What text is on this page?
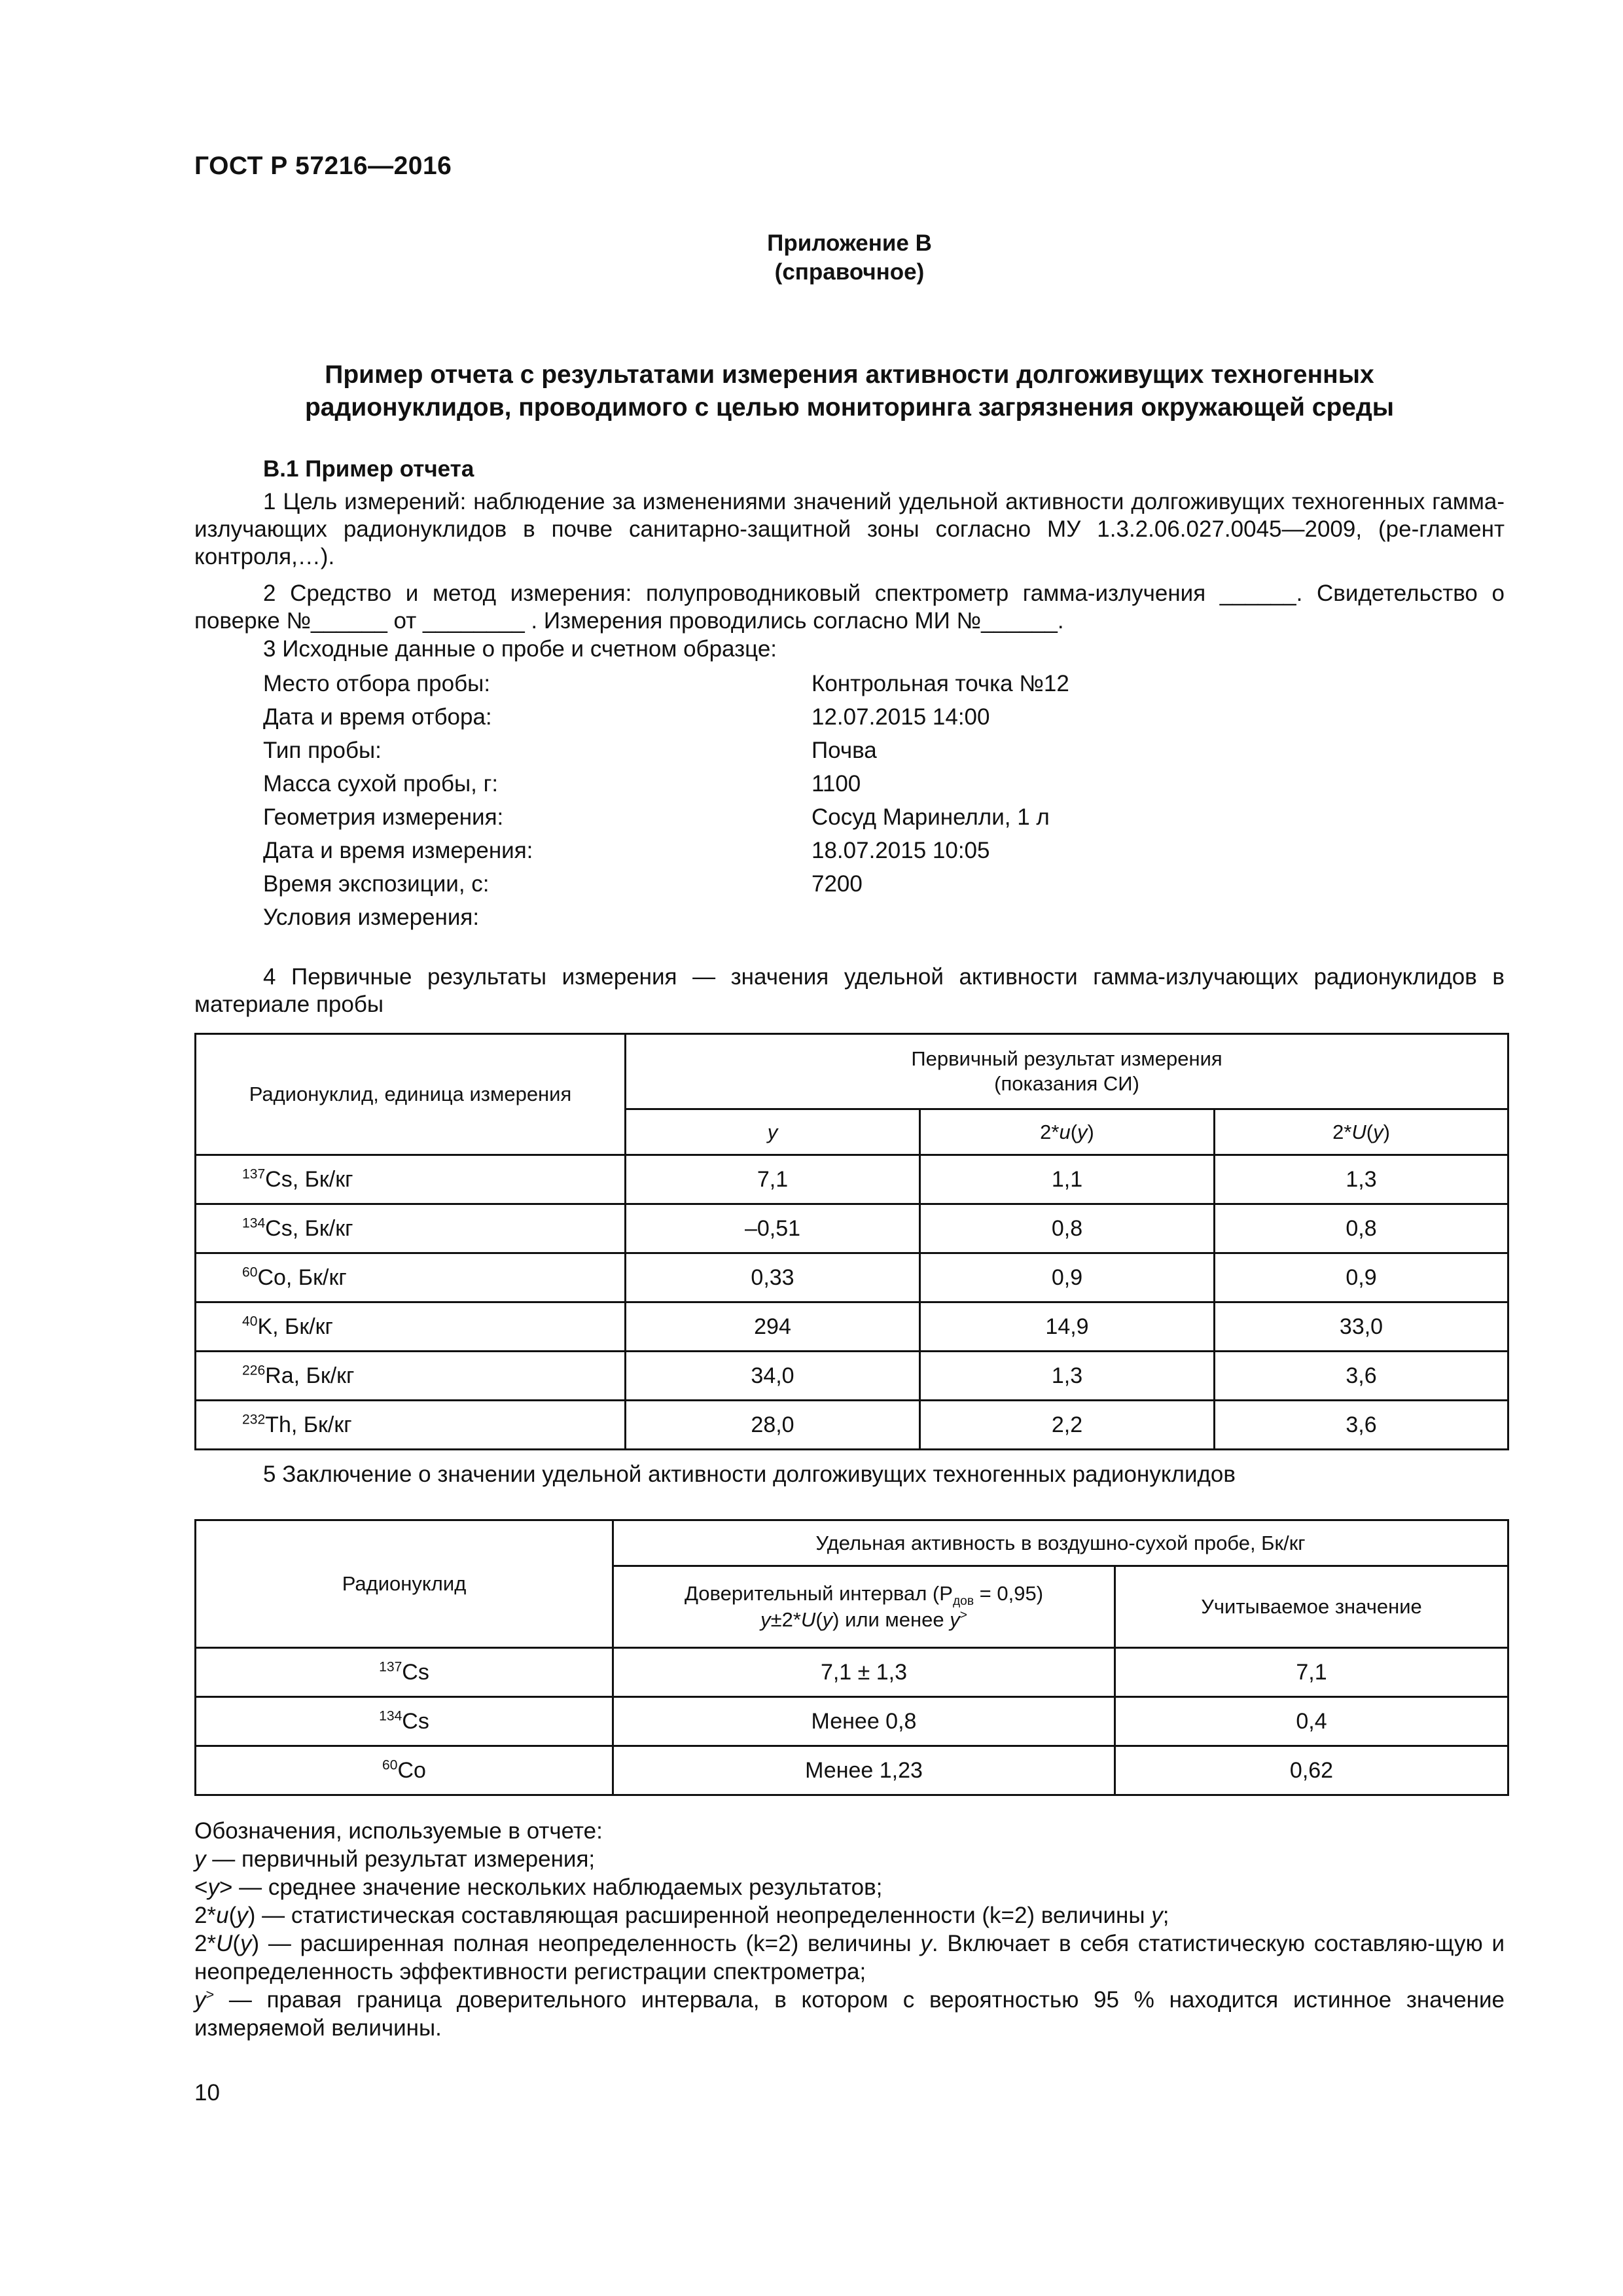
ГОСТ Р 57216—2016
Приложение В
(справочное)
Пример отчета с результатами измерения активности долгоживущих техногенных
радионуклидов, проводимого с целью мониторинга загрязнения окружающей среды
В.1 Пример отчета
1 Цель измерений: наблюдение за изменениями значений удельной активности долгоживущих техногенных гамма-излучающих радионуклидов в почве санитарно-защитной зоны согласно МУ 1.3.2.06.027.0045—2009, (ре-гламент контроля,…).
2 Средство и метод измерения: полупроводниковый спектрометр гамма-излучения ______. Свидетельство о поверке №______ от ________ . Измерения проводились согласно МИ №______.
3 Исходные данные о пробе и счетном образце:
Место отбора пробы:	Контрольная точка №12
Дата и время отбора:	12.07.2015 14:00
Тип пробы:	Почва
Масса сухой пробы, г:	1100
Геометрия измерения:	Сосуд Маринелли, 1 л
Дата и время измерения:	18.07.2015 10:05
Время экспозиции, с:	7200
Условия измерения:
4 Первичные результаты измерения — значения удельной активности гамма-излучающих радионуклидов в материале пробы
Радионуклид, единица измерения	Первичный результат измерения
(показания СИ)		

	y	2*u(y)	2*U(y)
$^{137}$Cs, Бк/кг	7,1	1,1	1,3
$^{134}$Cs, Бк/кг	–0,51	0,8	0,8
$^{60}$Co, Бк/кг	0,33	0,9	0,9
$^{40}$K, Бк/кг	294	14,9	33,0
$^{226}$Ra, Бк/кг	34,0	1,3	3,6
$^{232}$Th, Бк/кг	28,0	2,2	3,6
5 Заключение о значении удельной активности долгоживущих техногенных радионуклидов
Радионуклид	Удельная активность в воздушно-сухой пробе, Бк/кг	

	Доверительный интервал $(P_{дов} = 0,95)$
y±2*U(y) или менее y>	Учитываемое значение
$^{137}$Cs	7,1 ± 1,3	7,1
$^{134}$Cs	Менее 0,8	0,4
$^{60}$Co	Менее 1,23	0,62
Обозначения, используемые в отчете:
y — первичный результат измерения;
<y> — среднее значение нескольких наблюдаемых результатов;
2*u(y) — статистическая составляющая расширенной неопределенности (k=2) величины y;
2*U(y) — расширенная полная неопределенность (k=2) величины y. Включает в себя статистическую составляю-щую и неопределенность эффективности регистрации спектрометра;
y> — правая граница доверительного интервала, в котором с вероятностью 95 % находится истинное значение измеряемой величины.
10
